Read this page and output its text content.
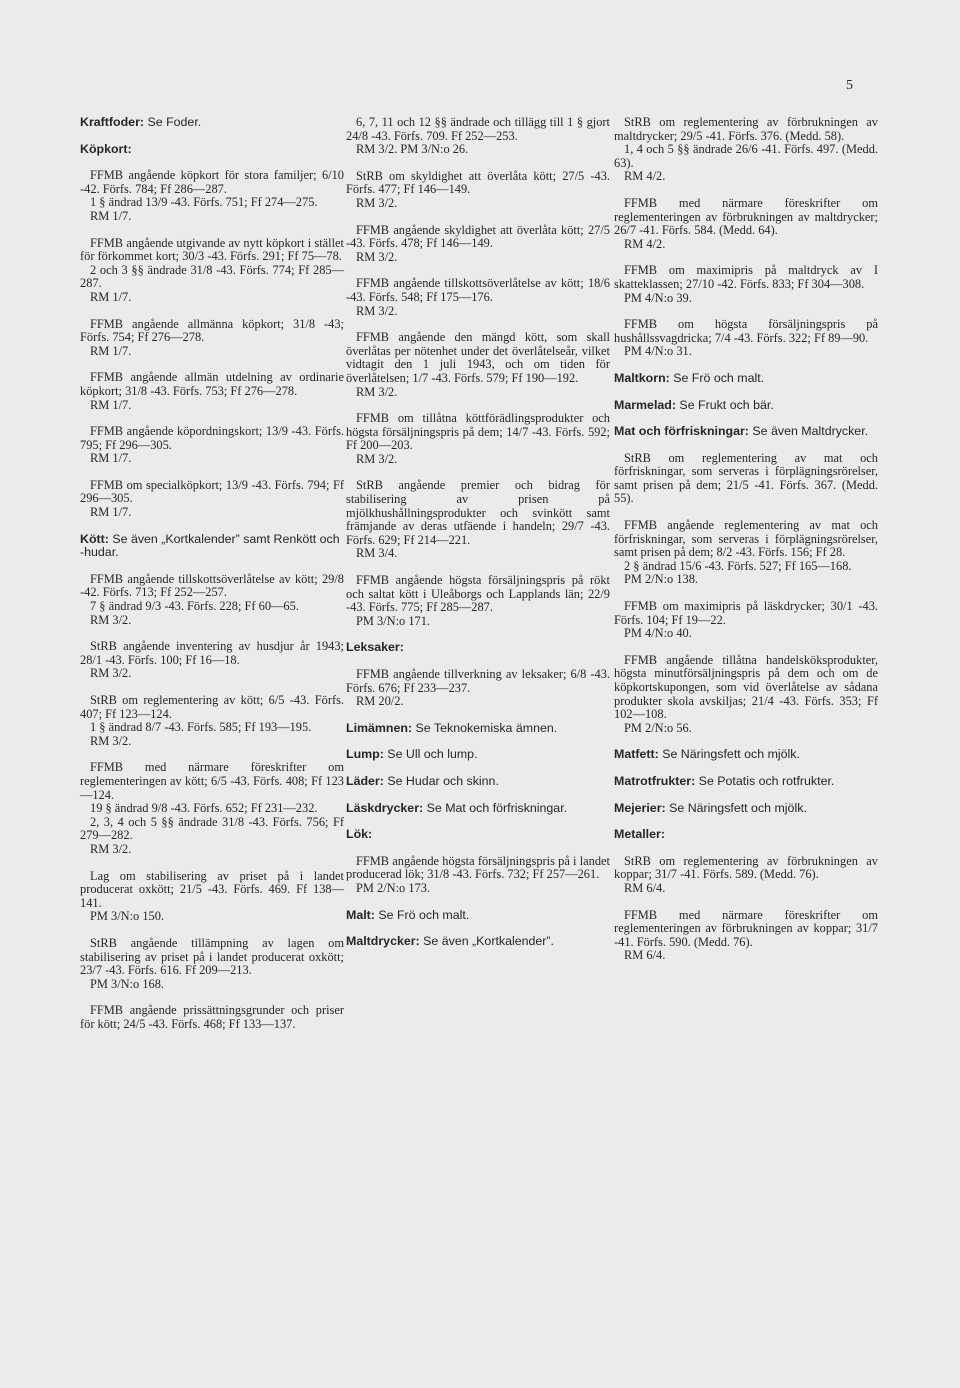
5
Kraftfoder: Se Foder.
Köpkort:

FFMB angående köpkort för stora familjer; 6/10 -42. Förfs. 784; Ff 286—287.

1 § ändrad 13/9 -43. Förfs. 751; Ff 274—275.

RM 1/7.

FFMB angående utgivande av nytt köpkort i stället för förkommet kort; 30/3 -43. Förfs. 291; Ff 75—78.

2 och 3 §§ ändrade 31/8 -43. Förfs. 774; Ff 285—287.

RM 1/7.

FFMB angående allmänna köpkort; 31/8 -43; Förfs. 754; Ff 276—278.

RM 1/7.

FFMB angående allmän utdelning av ordinarie köpkort; 31/8 -43. Förfs. 753; Ff 276—278.

RM 1/7.

FFMB angående köpordningskort; 13/9 -43. Förfs. 795; Ff 296—305.

RM 1/7.

FFMB om specialköpkort; 13/9 -43. Förfs. 794; Ff 296—305.

RM 1/7.

Kött: Se även „Kortkalender” samt Renkött och -hudar.

FFMB angående tillskottsöverlåtelse av kött; 29/8 -42. Förfs. 713; Ff 252—257.

7 § ändrad 9/3 -43. Förfs. 228; Ff 60—65.

RM 3/2.

StRB angående inventering av husdjur år 1943; 28/1 -43. Förfs. 100; Ff 16—18.

RM 3/2.

StRB om reglementering av kött; 6/5 -43. Förfs. 407; Ff 123—124.

1 § ändrad 8/7 -43. Förfs. 585; Ff 193—195.

RM 3/2.

FFMB med närmare föreskrifter om reglementeringen av kött; 6/5 -43. Förfs. 408; Ff 123—124.

19 § ändrad 9/8 -43. Förfs. 652; Ff 231—232.

2, 3, 4 och 5 §§ ändrade 31/8 -43. Förfs. 756; Ff 279—282.

RM 3/2.

Lag om stabilisering av priset på i landet producerat oxkött; 21/5 -43. Förfs. 469. Ff 138—141.

PM 3/N:o 150.

StRB angående tillämpning av lagen om stabilisering av priset på i landet producerat oxkött; 23/7 -43. Förfs. 616. Ff 209—213.

PM 3/N:o 168.

FFMB angående prissättningsgrunder och priser för kött; 24/5 -43. Förfs. 468; Ff 133—137.

6, 7, 11 och 12 §§ ändrade och tillägg till 1 § gjort 24/8 -43. Förfs. 709. Ff 252—253.

RM 3/2. PM 3/N:o 26.

StRB om skyldighet att överlåta kött; 27/5 -43. Förfs. 477; Ff 146—149.

RM 3/2.

FFMB angående skyldighet att överlåta kött; 27/5 -43. Förfs. 478; Ff 146—149.

RM 3/2.

FFMB angående tillskottsöverlåtelse av kött; 18/6 -43. Förfs. 548; Ff 175—176.

RM 3/2.

FFMB angående den mängd kött, som skall överlåtas per nötenhet under det överlåtelseår, vilket vidtagit den 1 juli 1943, och om tiden för överlåtelsen; 1/7 -43. Förfs. 579; Ff 190—192.

RM 3/2.

FFMB om tillåtna köttförädlingsprodukter och högsta försäljningspris på dem; 14/7 -43. Förfs. 592; Ff 200—203.

RM 3/2.

StRB angående premier och bidrag för stabilisering av prisen på mjölkhushållningsprodukter och svinkött samt främjande av deras utfäende i handeln; 29/7 -43. Förfs. 629; Ff 214—221.

RM 3/4.

FFMB angående högsta försäljningspris på rökt och saltat kött i Uleåborgs och Lapplands län; 22/9 -43. Förfs. 775; Ff 285—287.

PM 3/N:o 171.

Leksaker:

FFMB angående tillverkning av leksaker; 6/8 -43. Förfs. 676; Ff 233—237.

RM 20/2.

Limämnen: Se Teknokemiska ämnen.
Lump: Se Ull och lump.
Läder: Se Hudar och skinn.
Läskdrycker: Se Mat och förfriskningar.
Lök:

FFMB angående högsta försäljningspris på i landet producerad lök; 31/8 -43. Förfs. 732; Ff 257—261.

PM 2/N:o 173.

Malt: Se Frö och malt.
Maltdrycker: Se även „Kortkalender”.

StRB om reglementering av förbrukningen av maltdrycker; 29/5 -41. Förfs. 376. (Medd. 58).

1, 4 och 5 §§ ändrade 26/6 -41. Förfs. 497. (Medd. 63).

RM 4/2.

FFMB med närmare föreskrifter om reglementeringen av förbrukningen av maltdrycker; 26/7 -41. Förfs. 584. (Medd. 64).

RM 4/2.

FFMB om maximipris på maltdryck av I skatteklassen; 27/10 -42. Förfs. 833; Ff 304—308.

PM 4/N:o 39.

FFMB om högsta försäljningspris på hushållssvagdricka; 7/4 -43. Förfs. 322; Ff 89—90.

PM 4/N:o 31.

Maltkorn: Se Frö och malt.
Marmelad: Se Frukt och bär.
Mat och förfriskningar: Se även Maltdrycker.

StRB om reglementering av mat och förfriskningar, som serveras i förplägningsrörelser, samt prisen på dem; 21/5 -41. Förfs. 367. (Medd. 55).

FFMB angående reglementering av mat och förfriskningar, som serveras i förplägningsrörelser, samt prisen på dem; 8/2 -43. Förfs. 156; Ff 28.

2 § ändrad 15/6 -43. Förfs. 527; Ff 165—168.

PM 2/N:o 138.

FFMB om maximipris på läskdrycker; 30/1 -43. Förfs. 104; Ff 19—22.

PM 4/N:o 40.

FFMB angående tillåtna handelsköksprodukter, högsta minutförsäljningspris på dem och om de köpkortskupongen, som vid överlåtelse av sådana produkter skola avskiljas; 21/4 -43. Förfs. 353; Ff 102—108.

PM 2/N:o 56.

Matfett: Se Näringsfett och mjölk.
Matrotfrukter: Se Potatis och rotfrukter.
Mejerier: Se Näringsfett och mjölk.
Metaller:

StRB om reglementering av förbrukningen av koppar; 31/7 -41. Förfs. 589. (Medd. 76).

RM 6/4.

FFMB med närmare föreskrifter om reglementeringen av förbrukningen av koppar; 31/7 -41. Förfs. 590. (Medd. 76).

RM 6/4.
